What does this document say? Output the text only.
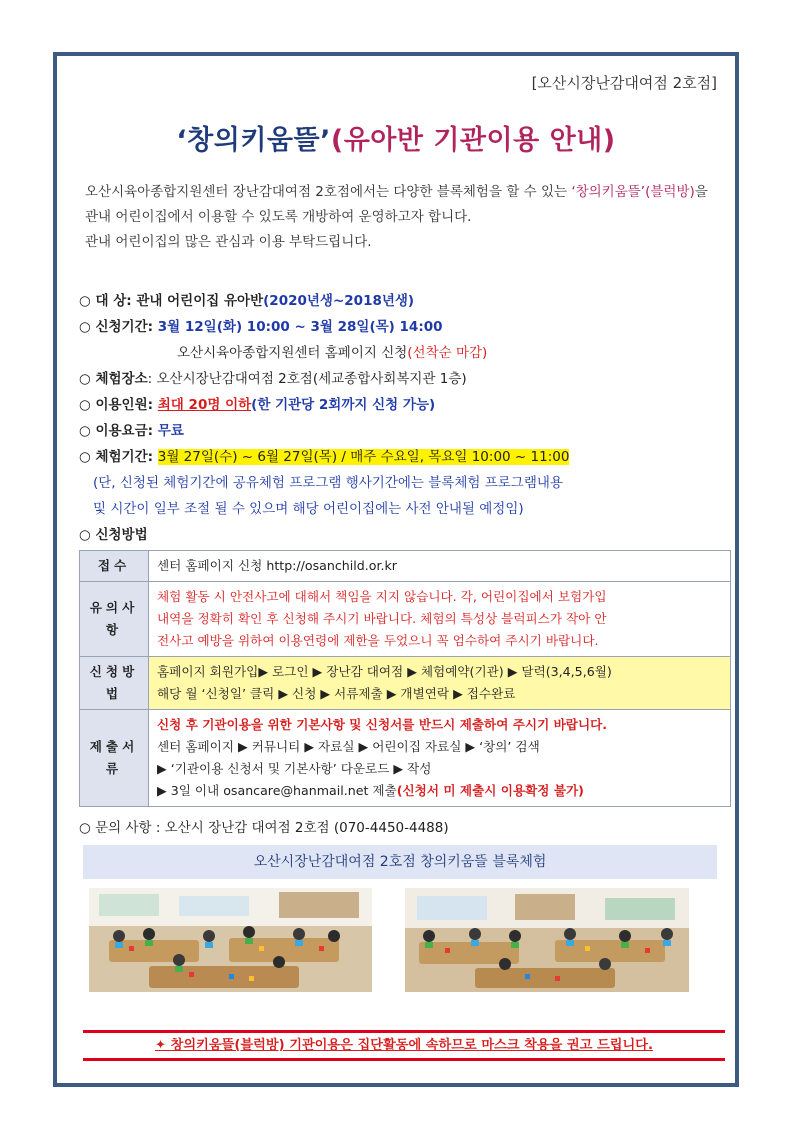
[오산시장난감대여점 2호점]
‘창의키움뜰’(유아반 기관이용 안내)
오산시육아종합지원센터 장난감대여점 2호점에서는 다양한 블록체험을 할 수 있는 ‘창의키움뜰’(블럭방)을 관내 어린이집에서 이용할 수 있도록 개방하여 운영하고자 합니다.
관내 어린이집의 많은 관심과 이용 부탁드립니다.
○ 대 상: 관내 어린이집 유아반(2020년생~2018년생)
○ 신청기간: 3월 12일(화) 10:00 ~ 3월 28일(목) 14:00
오산시육아종합지원센터 홈페이지 신청(선착순 마감)
○ 체험장소: 오산시장난감대여점 2호점(세교종합사회복지관 1층)
○ 이용인원: 최대 20명 이하(한 기관당 2회까지 신청 가능)
○ 이용요금: 무료
○ 체험기간: 3월 27일(수) ~ 6월 27일(목) / 매주 수요일, 목요일 10:00 ~ 11:00
(단, 신청된 체험기간에 공유체험 프로그램 행사기간에는 블록체험 프로그램내용
및 시간이 일부 조절 될 수 있으며 해당 어린이집에는 사전 안내될 예정임)
○ 신청방법
접수	센터 홈페이지 신청 http://osanchild.or.kr
유의사항	체험 활동 시 안전사고에 대해서 책임을 지지 않습니다. 각, 어린이집에서 보험가입
내역을 정확히 확인 후 신청해 주시기 바랍니다. 체험의 특성상 블럭피스가 작아 안
전사고 예방을 위하여 이용연령에 제한을 두었으니 꼭 엄수하여 주시기 바랍니다.

신청방법	홈페이지 회원가입▶ 로그인 ▶ 장난감 대여점 ▶ 체험예약(기관) ▶ 달력(3,4,5,6월)
해당 월 ‘신청일’ 클릭 ▶ 신청 ▶ 서류제출 ▶ 개별연락 ▶ 접수완료

제출서류	신청 후 기관이용을 위한 기본사항 및 신청서를 반드시 제출하여 주시기 바랍니다.
센터 홈페이지 ▶ 커뮤니티 ▶ 자료실 ▶ 어린이집 자료실 ▶ ‘창의’ 검색
▶ ‘기관이용 신청서 및 기본사항’ 다운로드 ▶ 작성
▶ 3일 이내 osancare@hanmail.net 제출(신청서 미 제출시 이용확정 불가)
○ 문의 사항 : 오산시 장난감 대여점 2호점 (070-4450-4488)
오산시장난감대여점 2호점 창의키움뜰 블록체험
✦ 창의키움뜰(블럭방) 기관이용은 집단활동에 속하므로 마스크 착용을 권고 드립니다.
